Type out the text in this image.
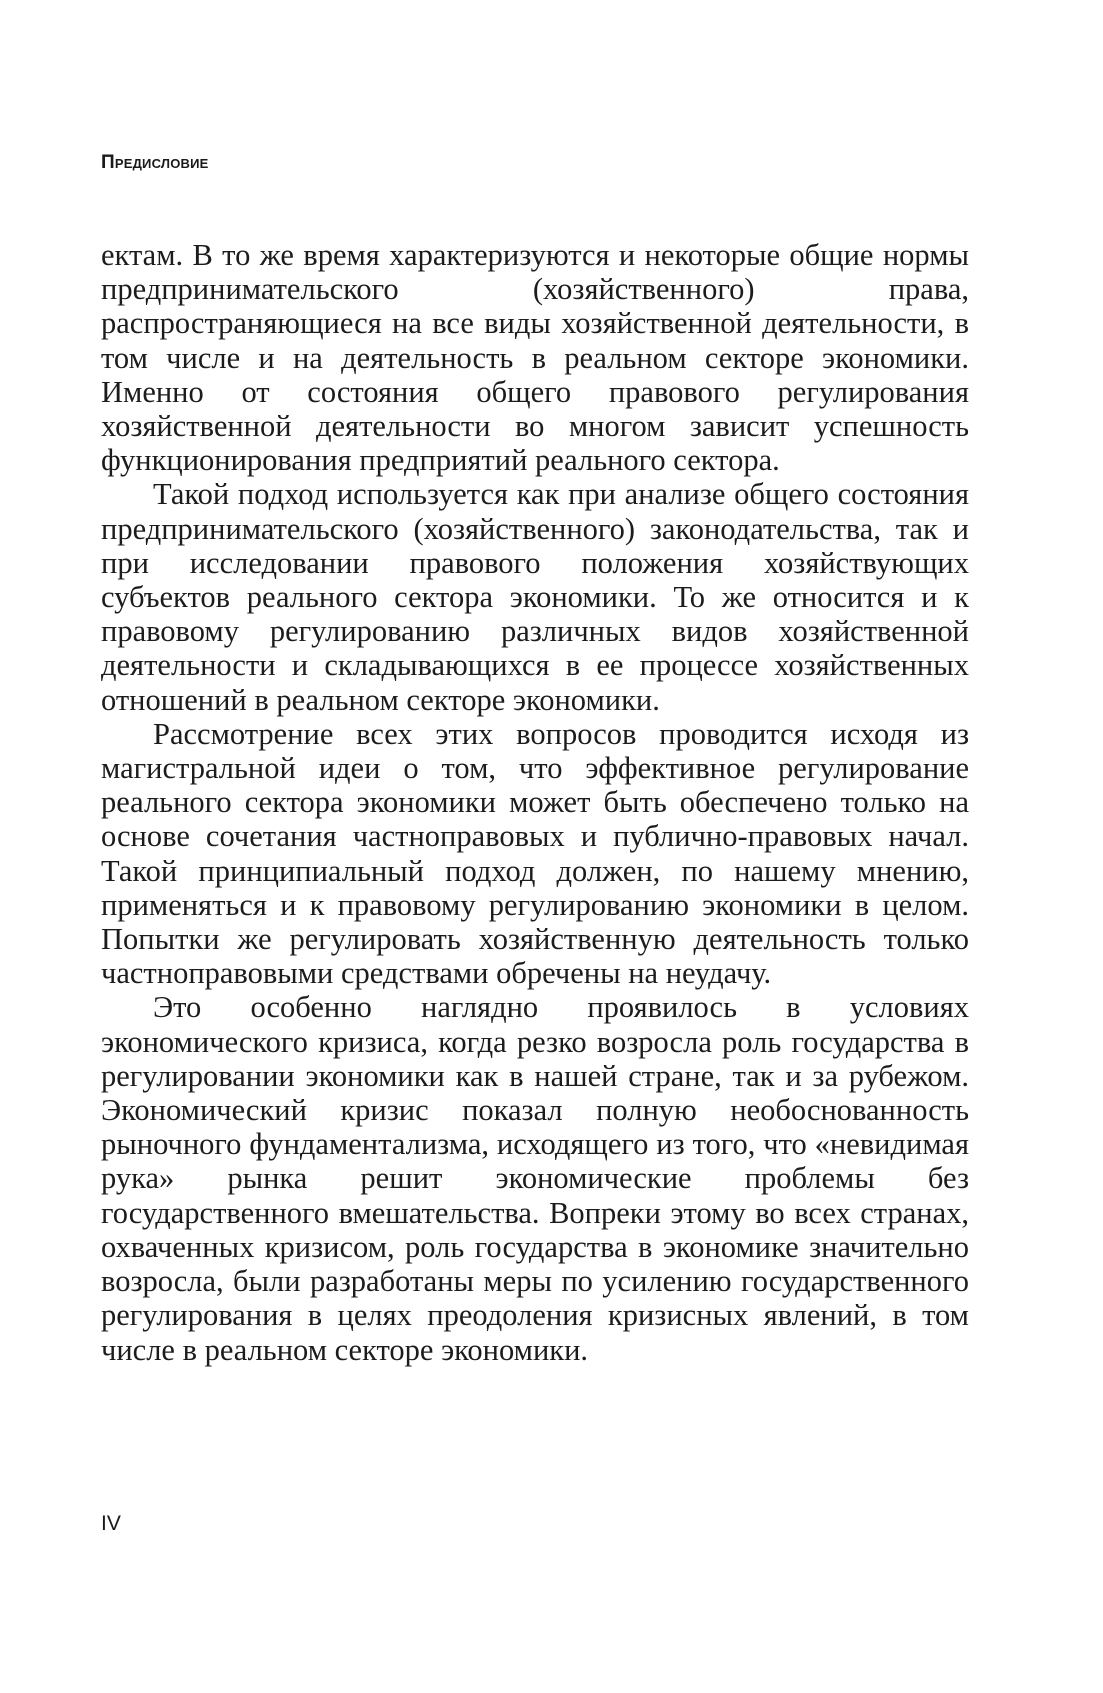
Предисловие

ектам. В то же время характеризуются и некоторые общие нормы предпринимательского (хозяйственного) права, распространяющиеся на все виды хозяйственной деятельности, в том числе и на деятельность в реальном секторе экономики. Именно от состояния общего правового регулирования хозяйственной деятельности во многом зависит успешность функционирования предприятий реального сектора.

Такой подход используется как при анализе общего состояния предпринимательского (хозяйственного) законодательства, так и при исследовании правового положения хозяйствующих субъектов реального сектора экономики. То же относится и к правовому регулированию различных видов хозяйственной деятельности и складывающихся в ее процессе хозяйственных отношений в реальном секторе экономики.

Рассмотрение всех этих вопросов проводится исходя из магистральной идеи о том, что эффективное регулирование реального сектора экономики может быть обеспечено только на основе сочетания частноправовых и публично-правовых начал. Такой принципиальный подход должен, по нашему мнению, применяться и к правовому регулированию экономики в целом. Попытки же регулировать хозяйственную деятельность только частноправовыми средствами обречены на неудачу.

Это особенно наглядно проявилось в условиях экономического кризиса, когда резко возросла роль государства в регулировании экономики как в нашей стране, так и за рубежом. Экономический кризис показал полную необоснованность рыночного фундаментализма, исходящего из того, что «невидимая рука» рынка решит экономические проблемы без государственного вмешательства. Вопреки этому во всех странах, охваченных кризисом, роль государства в экономике значительно возросла, были разработаны меры по усилению государственного регулирования в целях преодоления кризисных явлений, в том числе в реальном секторе экономики.

IV
